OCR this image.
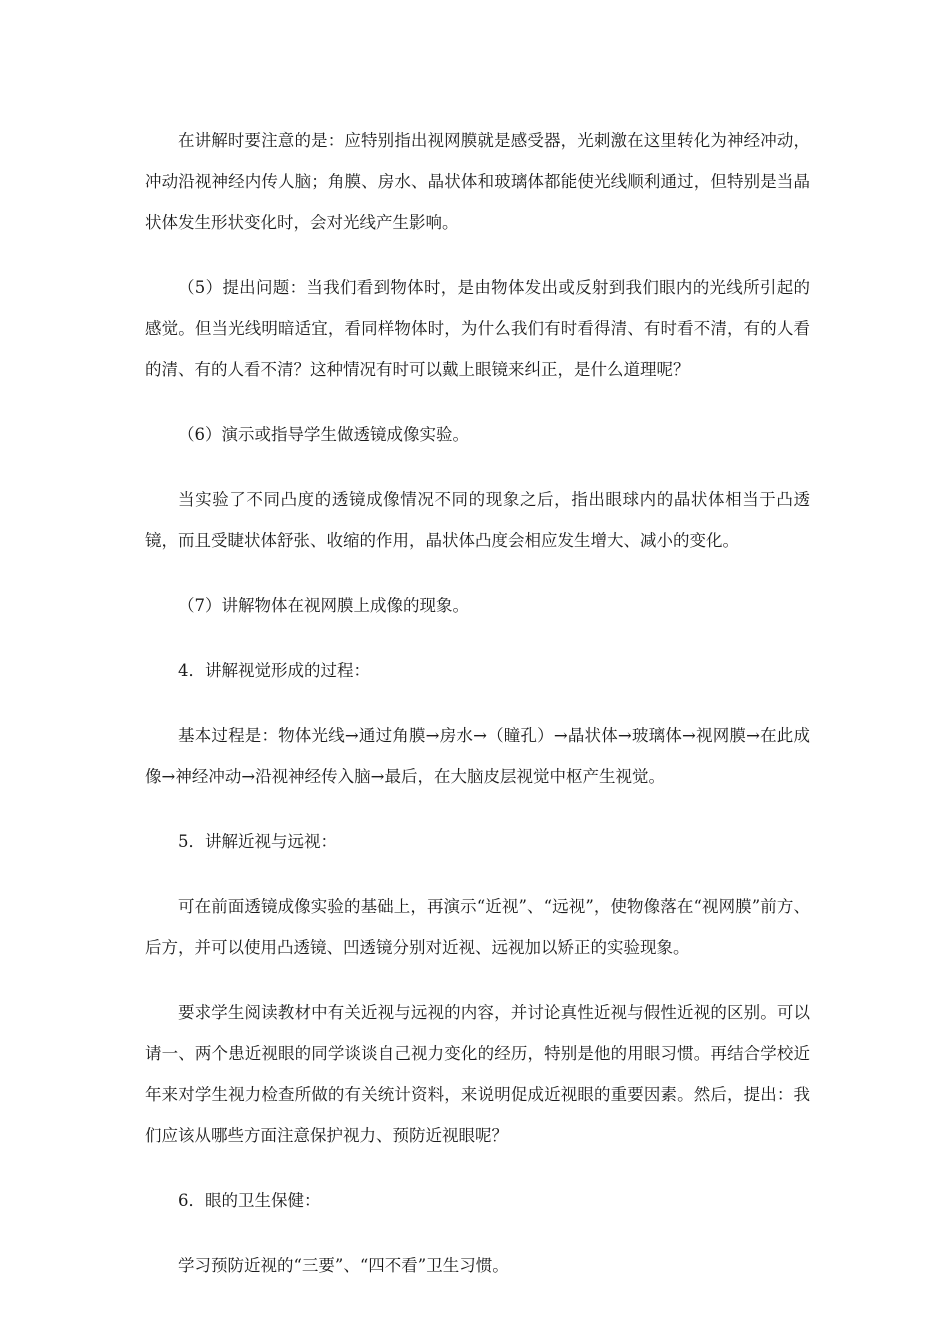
在讲解时要注意的是：应特别指出视网膜就是感受器，光刺激在这里转化为神经冲动，冲动沿视神经内传人脑；角膜、房水、晶状体和玻璃体都能使光线顺利通过，但特别是当晶状体发生形状变化时，会对光线产生影响。

（5）提出问题：当我们看到物体时，是由物体发出或反射到我们眼内的光线所引起的感觉。但当光线明暗适宜，看同样物体时，为什么我们有时看得清、有时看不清，有的人看的清、有的人看不清？这种情况有时可以戴上眼镜来纠正，是什么道理呢？

（6）演示或指导学生做透镜成像实验。

当实验了不同凸度的透镜成像情况不同的现象之后，指出眼球内的晶状体相当于凸透镜，而且受睫状体舒张、收缩的作用，晶状体凸度会相应发生增大、减小的变化。

（7）讲解物体在视网膜上成像的现象。

4．讲解视觉形成的过程：

基本过程是：物体光线→通过角膜→房水→（瞳孔）→晶状体→玻璃体→视网膜→在此成像→神经冲动→沿视神经传入脑→最后，在大脑皮层视觉中枢产生视觉。

5．讲解近视与远视：

可在前面透镜成像实验的基础上，再演示“近视”、“远视”，使物像落在“视网膜”前方、后方，并可以使用凸透镜、凹透镜分别对近视、远视加以矫正的实验现象。

要求学生阅读教材中有关近视与远视的内容，并讨论真性近视与假性近视的区别。可以请一、两个患近视眼的同学谈谈自己视力变化的经历，特别是他的用眼习惯。再结合学校近年来对学生视力检查所做的有关统计资料，来说明促成近视眼的重要因素。然后，提出：我们应该从哪些方面注意保护视力、预防近视眼呢？

6．眼的卫生保健：

学习预防近视的“三要”、“四不看”卫生习惯。
